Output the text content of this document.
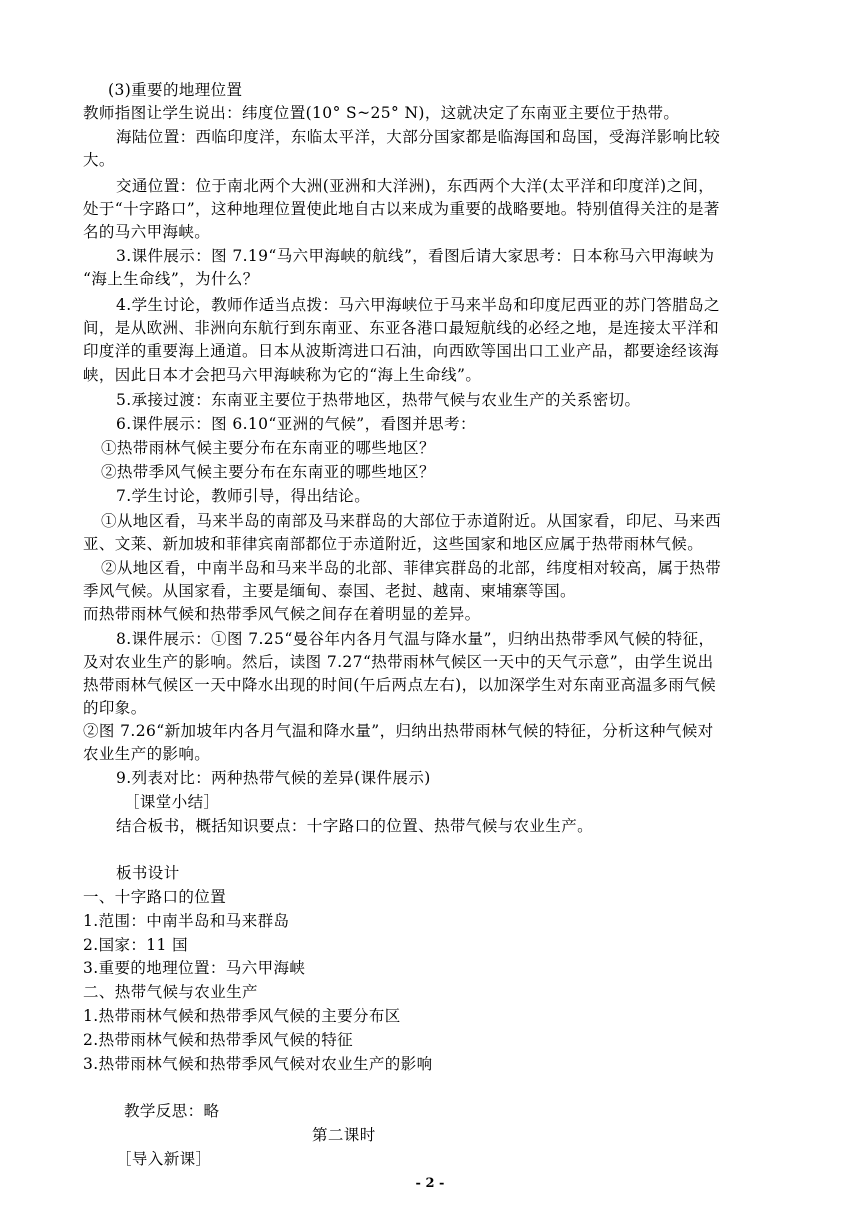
(3)重要的地理位置
教师指图让学生说出：纬度位置(10° S~25° N)，这就决定了东南亚主要位于热带。
海陆位置：西临印度洋，东临太平洋，大部分国家都是临海国和岛国，受海洋影响比较
大。
交通位置：位于南北两个大洲(亚洲和大洋洲)，东西两个大洋(太平洋和印度洋)之间，
处于“十字路口”，这种地理位置使此地自古以来成为重要的战略要地。特别值得关注的是著
名的马六甲海峡。
3.课件展示：图 7.19“马六甲海峡的航线”，看图后请大家思考：日本称马六甲海峡为
“海上生命线”，为什么？
4.学生讨论，教师作适当点拨：马六甲海峡位于马来半岛和印度尼西亚的苏门答腊岛之
间，是从欧洲、非洲向东航行到东南亚、东亚各港口最短航线的必经之地，是连接太平洋和
印度洋的重要海上通道。日本从波斯湾进口石油，向西欧等国出口工业产品，都要途经该海
峡，因此日本才会把马六甲海峡称为它的“海上生命线”。
5.承接过渡：东南亚主要位于热带地区，热带气候与农业生产的关系密切。
6.课件展示：图 6.10“亚洲的气候”，看图并思考：
①热带雨林气候主要分布在东南亚的哪些地区？
②热带季风气候主要分布在东南亚的哪些地区？
7.学生讨论，教师引导，得出结论。
①从地区看，马来半岛的南部及马来群岛的大部位于赤道附近。从国家看，印尼、马来西
亚、文莱、新加坡和菲律宾南部都位于赤道附近，这些国家和地区应属于热带雨林气候。
②从地区看，中南半岛和马来半岛的北部、菲律宾群岛的北部，纬度相对较高，属于热带
季风气候。从国家看，主要是缅甸、泰国、老挝、越南、柬埔寨等国。
而热带雨林气候和热带季风气候之间存在着明显的差异。
8.课件展示：①图 7.25“曼谷年内各月气温与降水量”，归纳出热带季风气候的特征，
及对农业生产的影响。然后，读图 7.27“热带雨林气候区一天中的天气示意”，由学生说出
热带雨林气候区一天中降水出现的时间(午后两点左右)，以加深学生对东南亚高温多雨气候
的印象。
②图 7.26“新加坡年内各月气温和降水量”，归纳出热带雨林气候的特征，分析这种气候对
农业生产的影响。
9.列表对比：两种热带气候的差异(课件展示)
［课堂小结］
结合板书，概括知识要点：十字路口的位置、热带气候与农业生产。
板书设计
一、十字路口的位置
1.范围：中南半岛和马来群岛
2.国家：11 国
3.重要的地理位置：马六甲海峡
二、热带气候与农业生产
1.热带雨林气候和热带季风气候的主要分布区
2.热带雨林气候和热带季风气候的特征
3.热带雨林气候和热带季风气候对农业生产的影响
教学反思：略
第二课时
［导入新课］
- 2 -
